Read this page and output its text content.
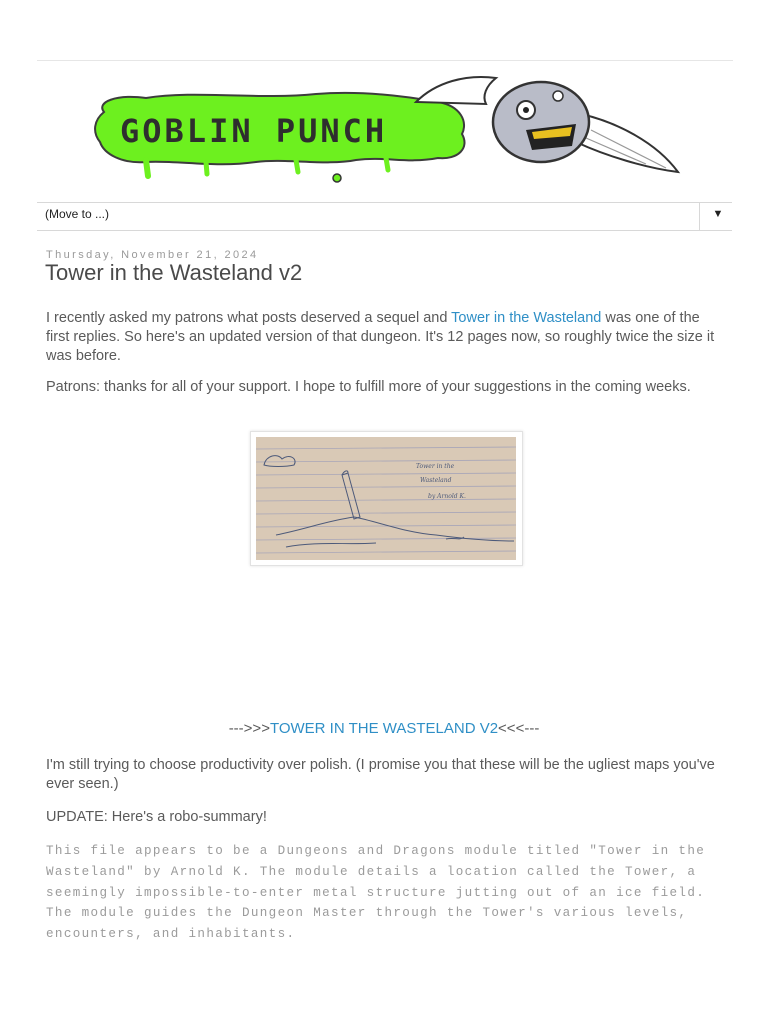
GOBLIN PUNCH
(Move to ...)	▼
Thursday, November 21, 2024
Tower in the Wasteland v2
I recently asked my patrons what posts deserved a sequel and Tower in the Wasteland was one of the first replies. So here's an updated version of that dungeon. It's 12 pages now, so roughly twice the size it was before.
Patrons: thanks for all of your support. I hope to fulfill more of your suggestions in the coming weeks.
Tower in the
Wasteland
by Arnold K.
--->>>TOWER IN THE WASTELAND V2<<<---
I'm still trying to choose productivity over polish. (I promise you that these will be the ugliest maps you've ever seen.)
UPDATE: Here's a robo-summary!
This file appears to be a Dungeons and Dragons module titled "Tower in the Wasteland" by Arnold K. The module details a location called the Tower, a seemingly impossible-to-enter metal structure jutting out of an ice field. The module guides the Dungeon Master through the Tower's various levels, encounters, and inhabitants.
